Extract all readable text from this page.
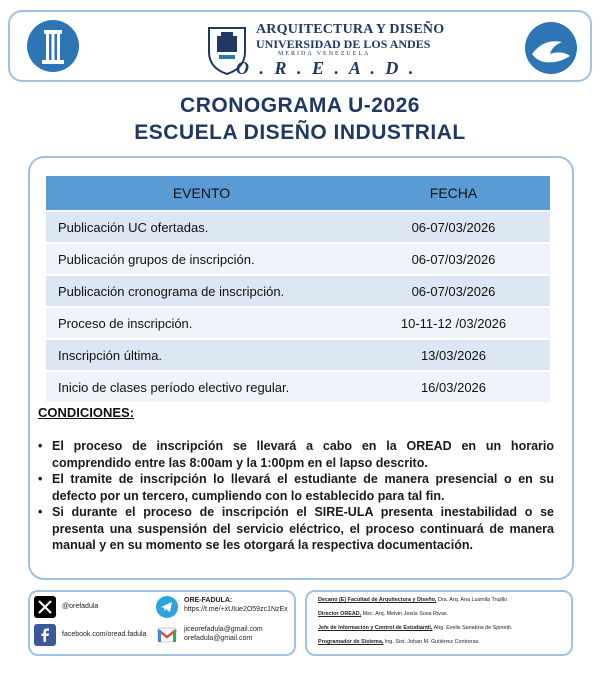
ARQUITECTURA Y DISEÑO
UNIVERSIDAD DE LOS ANDES
MERIDA VENEZUELA
O . R . E . A . D .
CRONOGRAMA U-2026
ESCUELA DISEÑO INDUSTRIAL
EVENTO	FECHA
Publicación UC ofertadas.	06-07/03/2026
Publicación grupos de inscripción.	06-07/03/2026
Publicación cronograma de inscripción.	06-07/03/2026
Proceso de inscripción.	10-11-12 /03/2026
Inscripción última.	13/03/2026
Inicio de clases período electivo regular.	16/03/2026
CONDICIONES:
• El proceso de inscripción se llevará a cabo en la OREAD en un horario comprendido entre las 8:00am y la 1:00pm en el lapso descrito.
• El tramite de inscripción lo llevará el estudiante de manera presencial o en su defecto por un tercero, cumpliendo con lo establecido para tal fin.
• Si durante el proceso de inscripción el SIRE-ULA presenta inestabilidad o se presenta una suspensión del servicio eléctrico, el proceso continuará de manera manual y en su momento se les otorgará la respectiva documentación.
@orefadula
ORE-FADULA:
https://t.me/+xUIue2O59zc1NzEx
facebook.com/oread.fadula
jiceorefadula@gmail.com
orefadula@gmail.com
Decano (E) Facultad de Arquitectura y Diseño, Dra. Arq. Ana Lusmila Trujillo
Director OREAD, Msc. Arq. Melvin Jesús Sosa Rivas.
Jefe de Información y Control de Estudiantil, Abg. Evelis Sanabria de Spinetti.
Programador de Sistema, Ing. Sist. Johan M. Gutiérrez Contreras.
